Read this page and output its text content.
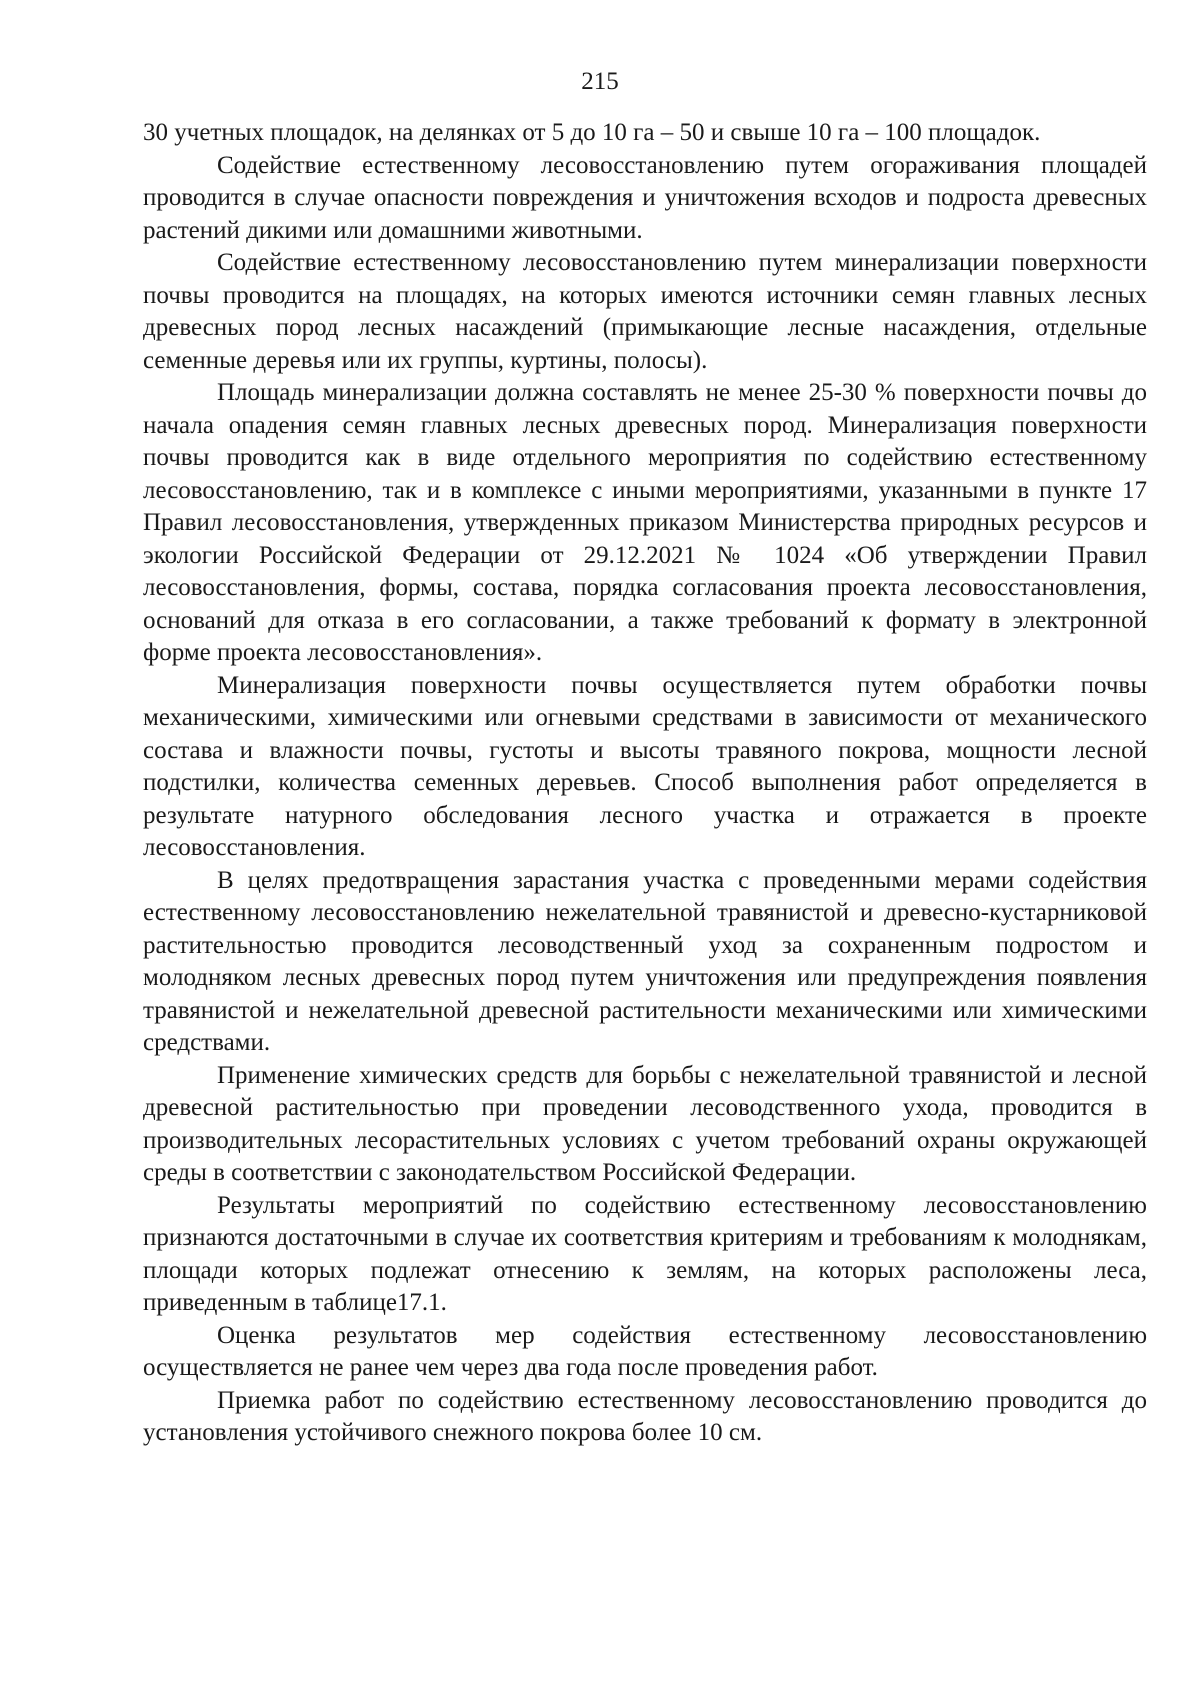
215

30 учетных площадок, на делянках от 5 до 10 га – 50 и свыше 10 га – 100 площадок.

Содействие естественному лесовосстановлению путем огораживания площадей проводится в случае опасности повреждения и уничтожения всходов и подроста древесных растений дикими или домашними животными.

Содействие естественному лесовосстановлению путем минерализации поверхности почвы проводится на площадях, на которых имеются источники семян главных лесных древесных пород лесных насаждений (примыкающие лесные насаждения, отдельные семенные деревья или их группы, куртины, полосы).

Площадь минерализации должна составлять не менее 25-30 % поверхности почвы до начала опадения семян главных лесных древесных пород. Минерализация поверхности почвы проводится как в виде отдельного мероприятия по содействию естественному лесовосстановлению, так и в комплексе с иными мероприятиями, указанными в пункте 17 Правил лесовосстановления, утвержденных приказом Министерства природных ресурсов и экологии Российской Федерации от 29.12.2021 № 1024 «Об утверждении Правил лесовосстановления, формы, состава, порядка согласования проекта лесовосстановления, оснований для отказа в его согласовании, а также требований к формату в электронной форме проекта лесовосстановления».

Минерализация поверхности почвы осуществляется путем обработки почвы механическими, химическими или огневыми средствами в зависимости от механического состава и влажности почвы, густоты и высоты травяного покрова, мощности лесной подстилки, количества семенных деревьев. Способ выполнения работ определяется в результате натурного обследования лесного участка и отражается в проекте лесовосстановления.

В целях предотвращения зарастания участка с проведенными мерами содействия естественному лесовосстановлению нежелательной травянистой и древесно-кустарниковой растительностью проводится лесоводственный уход за сохраненным подростом и молодняком лесных древесных пород путем уничтожения или предупреждения появления травянистой и нежелательной древесной растительности механическими или химическими средствами.

Применение химических средств для борьбы с нежелательной травянистой и лесной древесной растительностью при проведении лесоводственного ухода, проводится в производительных лесорастительных условиях с учетом требований охраны окружающей среды в соответствии с законодательством Российской Федерации.

Результаты мероприятий по содействию естественному лесовосстановлению признаются достаточными в случае их соответствия критериям и требованиям к молоднякам, площади которых подлежат отнесению к землям, на которых расположены леса, приведенным в таблице17.1.

Оценка результатов мер содействия естественному лесовосстановлению осуществляется не ранее чем через два года после проведения работ.

Приемка работ по содействию естественному лесовосстановлению проводится до установления устойчивого снежного покрова более 10 см.
